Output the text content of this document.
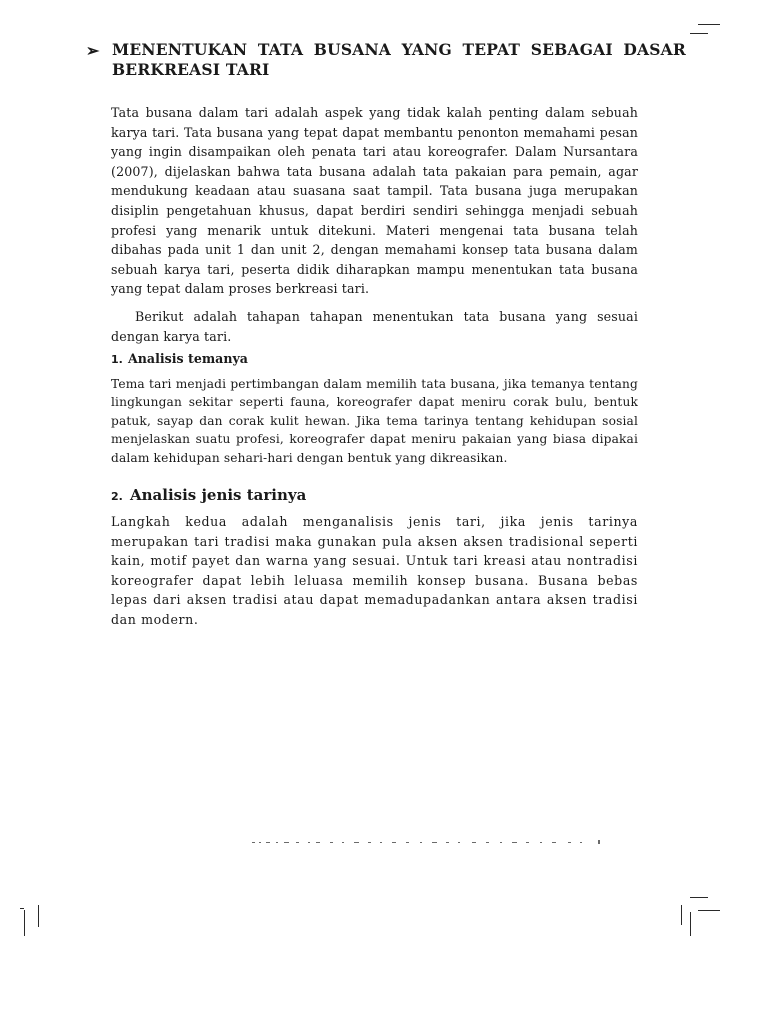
➢ MENENTUKAN TATA BUSANA YANG TEPAT SEBAGAI DASAR BERKREASI TARI

Tata busana dalam tari adalah aspek yang tidak kalah penting dalam sebuah karya tari. Tata busana yang tepat dapat membantu penonton memahami pesan yang ingin disampaikan oleh penata tari atau koreografer. Dalam Nursantara (2007), dijelaskan bahwa tata busana adalah tata pakaian para pemain, agar mendukung keadaan atau suasana saat tampil. Tata busana juga merupakan disiplin pengetahuan khusus, dapat berdiri sendiri sehingga menjadi sebuah profesi yang menarik untuk ditekuni. Materi mengenai tata busana telah dibahas pada unit 1 dan unit 2, dengan memahami konsep tata busana dalam sebuah karya tari, peserta didik diharapkan mampu menentukan tata busana yang tepat dalam proses berkreasi tari.

Berikut adalah tahapan tahapan menentukan tata busana yang sesuai dengan karya tari.

1. Analisis temanya

Tema tari menjadi pertimbangan dalam memilih tata busana, jika temanya tentang lingkungan sekitar seperti fauna, koreografer dapat meniru corak bulu, bentuk patuk, sayap dan corak kulit hewan. Jika tema tarinya tentang kehidupan sosial menjelaskan suatu profesi, koreografer dapat meniru pakaian yang biasa dipakai dalam kehidupan sehari-hari dengan bentuk yang dikreasikan.

2. Analisis jenis tarinya

Langkah kedua adalah menganalisis jenis tari, jika jenis tarinya merupakan tari tradisi maka gunakan pula aksen aksen tradisional seperti kain, motif payet dan warna yang sesuai. Untuk tari kreasi atau nontradisi koreografer dapat lebih leluasa memilih konsep busana. Busana bebas lepas dari aksen tradisi atau dapat memadupadankan antara aksen tradisi dan modern.
